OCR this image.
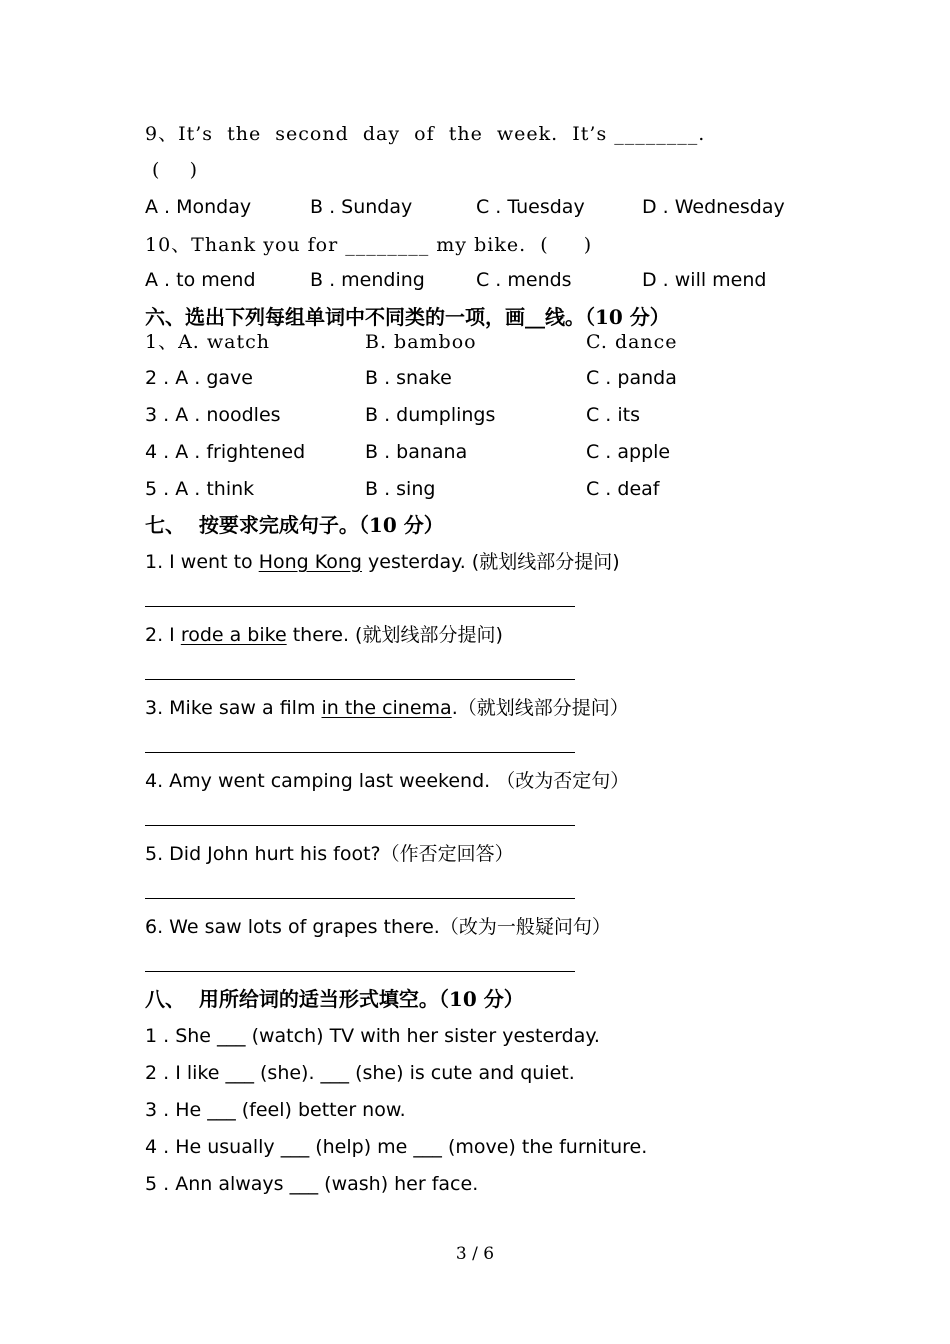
9、It’s  the  second  day  of  the  week.  It’s ________.
(     )
A . Monday	B . Sunday	C . Tuesday	D . Wednesday
10、Thank you for ________ my bike.  (     )
A . to mend	B . mending	C . mends	D . will mend
六、选出下列每组单词中不同类的一项，画__线。（10 分）
1、A. watch	B. bamboo	C. dance
2 . A . gave	B . snake	C . panda
3 . A . noodles	B . dumplings	C . its
4 . A . frightened	B . banana	C . apple
5 . A . think	B . sing	C . deaf
七、  按要求完成句子。（10 分）
1. I went to Hong Kong yesterday. (就划线部分提问)
2. I rode a bike there. (就划线部分提问)
3. Mike saw a film in the cinema.（就划线部分提问）
4. Amy went camping last weekend. （改为否定句）
5. Did John hurt his foot?（作否定回答）
6. We saw lots of grapes there.（改为一般疑问句）
八、  用所给词的适当形式填空。（10 分）
1 . She ___ (watch) TV with her sister yesterday.
2 . I like ___ (she). ___ (she) is cute and quiet.
3 . He ___ (feel) better now.
4 . He usually ___ (help) me ___ (move) the furniture.
5 . Ann always ___ (wash) her face.
3 / 6
